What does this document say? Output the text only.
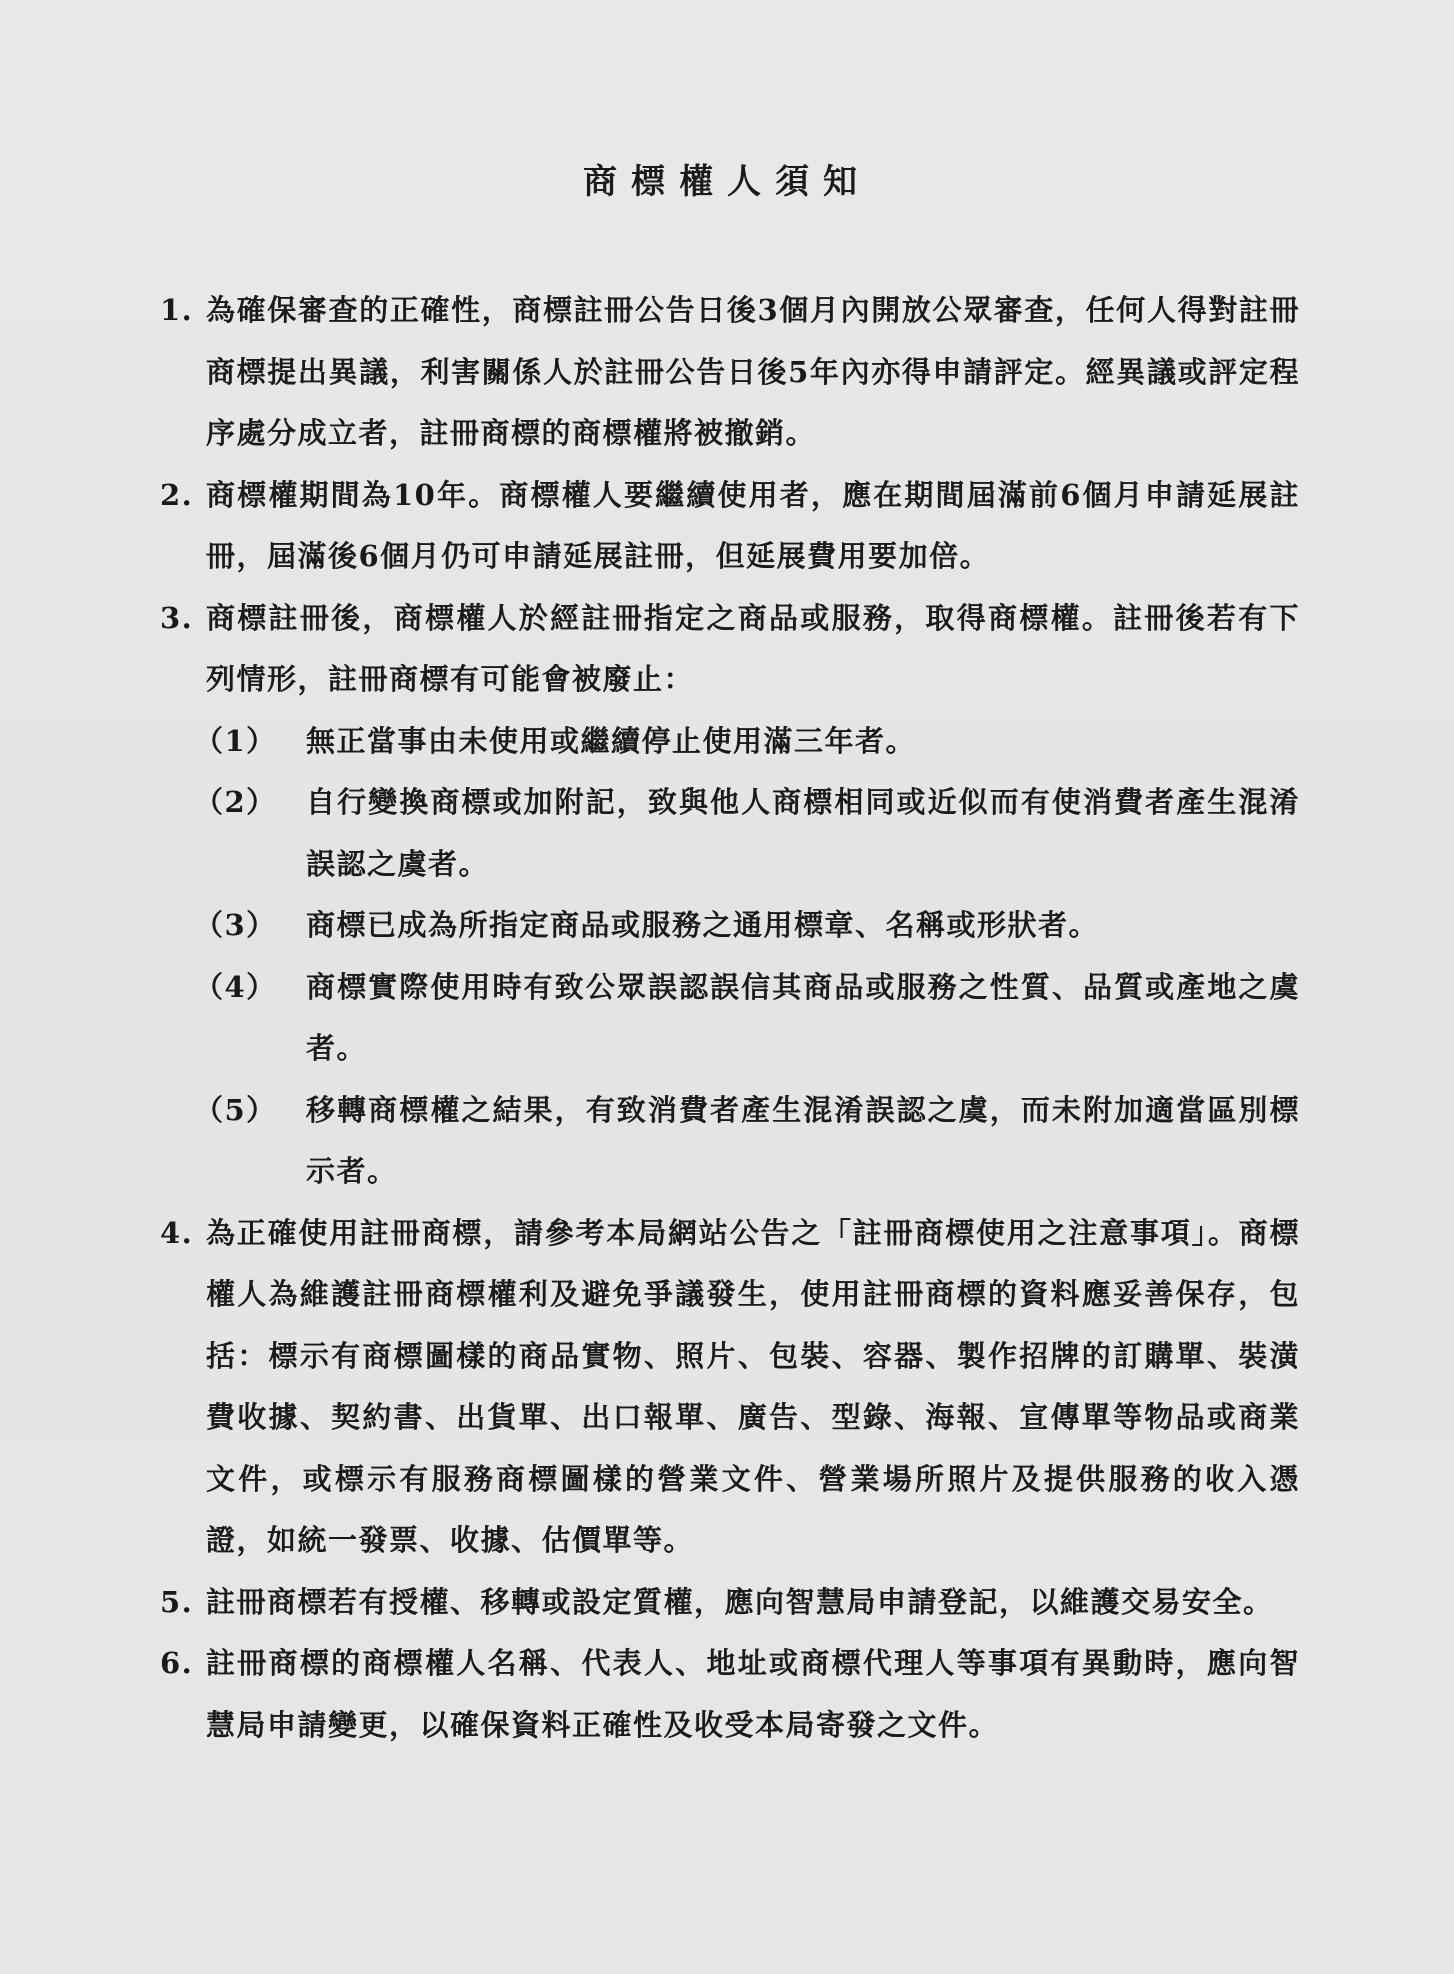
商標權人須知
1. 為確保審查的正確性，商標註冊公告日後3個月內開放公眾審查，任何人得對註冊商標提出異議，利害關係人於註冊公告日後5年內亦得申請評定。經異議或評定程序處分成立者，註冊商標的商標權將被撤銷。
2. 商標權期間為10年。商標權人要繼續使用者，應在期間屆滿前6個月申請延展註冊，屆滿後6個月仍可申請延展註冊，但延展費用要加倍。
3. 商標註冊後，商標權人於經註冊指定之商品或服務，取得商標權。註冊後若有下列情形，註冊商標有可能會被廢止：
（1） 無正當事由未使用或繼續停止使用滿三年者。
（2） 自行變換商標或加附記，致與他人商標相同或近似而有使消費者產生混淆誤認之虞者。
（3） 商標已成為所指定商品或服務之通用標章、名稱或形狀者。
（4） 商標實際使用時有致公眾誤認誤信其商品或服務之性質、品質或產地之虞者。
（5） 移轉商標權之結果，有致消費者產生混淆誤認之虞，而未附加適當區別標示者。
4. 為正確使用註冊商標，請參考本局網站公告之「註冊商標使用之注意事項」。商標權人為維護註冊商標權利及避免爭議發生，使用註冊商標的資料應妥善保存，包括：標示有商標圖樣的商品實物、照片、包裝、容器、製作招牌的訂購單、裝潢費收據、契約書、出貨單、出口報單、廣告、型錄、海報、宣傳單等物品或商業文件，或標示有服務商標圖樣的營業文件、營業場所照片及提供服務的收入憑證，如統一發票、收據、估價單等。
5. 註冊商標若有授權、移轉或設定質權，應向智慧局申請登記，以維護交易安全。
6. 註冊商標的商標權人名稱、代表人、地址或商標代理人等事項有異動時，應向智慧局申請變更，以確保資料正確性及收受本局寄發之文件。
